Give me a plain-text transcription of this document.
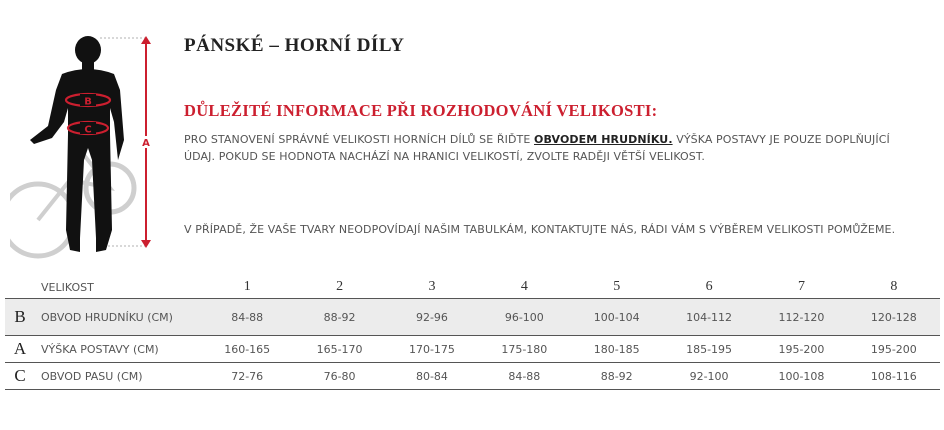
B
C
A
PÁNSKÉ – HORNÍ DÍLY
DŮLEŽITÉ INFORMACE PŘI ROZHODOVÁNÍ VELIKOSTI:
PRO STANOVENÍ SPRÁVNÉ VELIKOSTI HORNÍCH DÍLŮ SE ŘIĎTE OBVODEM HRUDNÍKU. VÝŠKA POSTAVY JE POUZE DOPLŇUJÍCÍ ÚDAJ. POKUD SE HODNOTA NACHÁZÍ NA HRANICI VELIKOSTÍ, ZVOLTE RADĚJI VĚTŠÍ VELIKOST.
V PŘÍPADĚ, ŽE VAŠE TVARY NEODPOVÍDAJÍ NAŠIM TABULKÁM, KONTAKTUJTE NÁS, RÁDI VÁM S VÝBĚREM VELIKOSTI POMŮŽEME.
	VELIKOST	1	2	3	4	5	6	7	8
B	OBVOD HRUDNÍKU (CM)	84-88	88-92	92-96	96-100	100-104	104-112	112-120	120-128
A	VÝŠKA POSTAVY (CM)	160-165	165-170	170-175	175-180	180-185	185-195	195-200	195-200
C	OBVOD PASU (CM)	72-76	76-80	80-84	84-88	88-92	92-100	100-108	108-116
